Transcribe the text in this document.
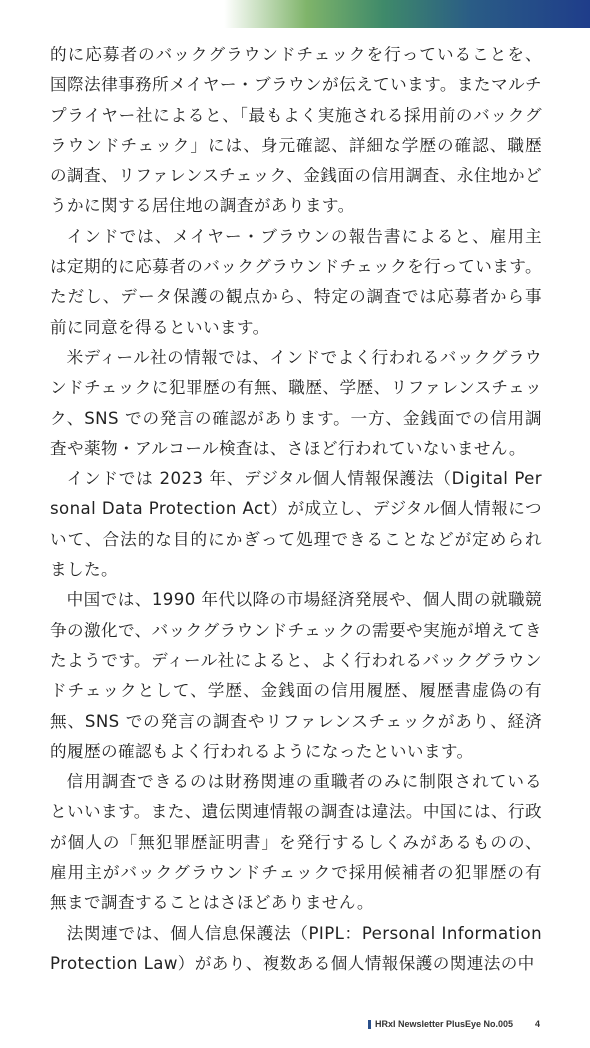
的に応募者のバックグラウンドチェックを行っていることを、国際法律事務所メイヤー・ブラウンが伝えています。またマルチプライヤー社によると、「最もよく実施される採用前のバックグラウンドチェック」には、身元確認、詳細な学歴の確認、職歴の調査、リファレンスチェック、金銭面の信用調査、永住地かどうかに関する居住地の調査があります。

インドでは、メイヤー・ブラウンの報告書によると、雇用主は定期的に応募者のバックグラウンドチェックを行っています。ただし、データ保護の観点から、特定の調査では応募者から事前に同意を得るといいます。

米ディール社の情報では、インドでよく行われるバックグラウンドチェックに犯罪歴の有無、職歴、学歴、リファレンスチェック、SNS での発言の確認があります。一方、金銭面での信用調査や薬物・アルコール検査は、さほど行われていないません。

インドでは 2023 年、デジタル個人情報保護法（Digital Personal Data Protection Act）が成立し、デジタル個人情報について、合法的な目的にかぎって処理できることなどが定められました。

中国では、1990 年代以降の市場経済発展や、個人間の就職競争の激化で、バックグラウンドチェックの需要や実施が増えてきたようです。ディール社によると、よく行われるバックグラウンドチェックとして、学歴、金銭面の信用履歴、履歴書虚偽の有無、SNS での発言の調査やリファレンスチェックがあり、経済的履歴の確認もよく行われるようになったといいます。

信用調査できるのは財務関連の重職者のみに制限されているといいます。また、遺伝関連情報の調査は違法。中国には、行政が個人の「無犯罪歴証明書」を発行するしくみがあるものの、雇用主がバックグラウンドチェックで採用候補者の犯罪歴の有無まで調査することはさほどありません。

法関連では、個人信息保護法（PIPL：Personal Information Protection Law）があり、複数ある個人情報保護の関連法の中

HRxI Newsletter PlusEye No.005 4
